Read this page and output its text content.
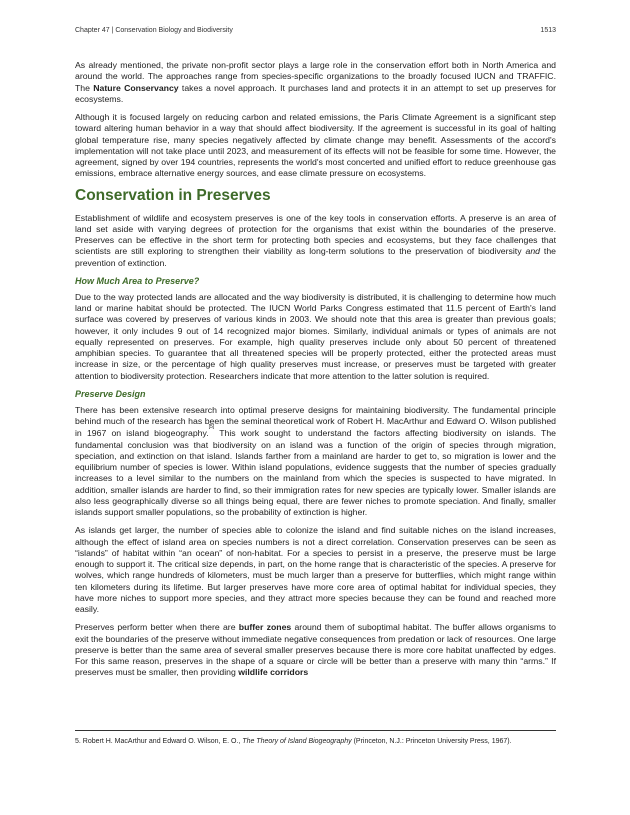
Chapter 47 | Conservation Biology and Biodiversity	1513

As already mentioned, the private non-profit sector plays a large role in the conservation effort both in North America and around the world. The approaches range from species-specific organizations to the broadly focused IUCN and TRAFFIC. The Nature Conservancy takes a novel approach. It purchases land and protects it in an attempt to set up preserves for ecosystems.

Although it is focused largely on reducing carbon and related emissions, the Paris Climate Agreement is a significant step toward altering human behavior in a way that should affect biodiversity. If the agreement is successful in its goal of halting global temperature rise, many species negatively affected by climate change may benefit. Assessments of the accord's implementation will not take place until 2023, and measurement of its effects will not be feasible for some time. However, the agreement, signed by over 194 countries, represents the world's most concerted and unified effort to reduce greenhouse gas emissions, embrace alternative energy sources, and ease climate pressure on ecosystems.

Conservation in Preserves

Establishment of wildlife and ecosystem preserves is one of the key tools in conservation efforts. A preserve is an area of land set aside with varying degrees of protection for the organisms that exist within the boundaries of the preserve. Preserves can be effective in the short term for protecting both species and ecosystems, but they face challenges that scientists are still exploring to strengthen their viability as long-term solutions to the preservation of biodiversity and the prevention of extinction.

How Much Area to Preserve?

Due to the way protected lands are allocated and the way biodiversity is distributed, it is challenging to determine how much land or marine habitat should be protected. The IUCN World Parks Congress estimated that 11.5 percent of Earth's land surface was covered by preserves of various kinds in 2003. We should note that this area is greater than previous goals; however, it only includes 9 out of 14 recognized major biomes. Similarly, individual animals or types of animals are not equally represented on preserves. For example, high quality preserves include only about 50 percent of threatened amphibian species. To guarantee that all threatened species will be properly protected, either the protected areas must increase in size, or the percentage of high quality preserves must increase, or preserves must be targeted with greater attention to biodiversity protection. Researchers indicate that more attention to the latter solution is required.

Preserve Design

There has been extensive research into optimal preserve designs for maintaining biodiversity. The fundamental principle behind much of the research has been the seminal theoretical work of Robert H. MacArthur and Edward O. Wilson published in 1967 on island biogeography.[5] This work sought to understand the factors affecting biodiversity on islands. The fundamental conclusion was that biodiversity on an island was a function of the origin of species through migration, speciation, and extinction on that island. Islands farther from a mainland are harder to get to, so migration is lower and the equilibrium number of species is lower. Within island populations, evidence suggests that the number of species gradually increases to a level similar to the numbers on the mainland from which the species is suspected to have migrated. In addition, smaller islands are harder to find, so their immigration rates for new species are typically lower. Smaller islands are also less geographically diverse so all things being equal, there are fewer niches to promote speciation. And finally, smaller islands support smaller populations, so the probability of extinction is higher.

As islands get larger, the number of species able to colonize the island and find suitable niches on the island increases, although the effect of island area on species numbers is not a direct correlation. Conservation preserves can be seen as “islands” of habitat within “an ocean” of non-habitat. For a species to persist in a preserve, the preserve must be large enough to support it. The critical size depends, in part, on the home range that is characteristic of the species. A preserve for wolves, which range hundreds of kilometers, must be much larger than a preserve for butterflies, which might range within ten kilometers during its lifetime. But larger preserves have more core area of optimal habitat for individual species, they have more niches to support more species, and they attract more species because they can be found and reached more easily.

Preserves perform better when there are buffer zones around them of suboptimal habitat. The buffer allows organisms to exit the boundaries of the preserve without immediate negative consequences from predation or lack of resources. One large preserve is better than the same area of several smaller preserves because there is more core habitat unaffected by edges. For this same reason, preserves in the shape of a square or circle will be better than a preserve with many thin “arms.” If preserves must be smaller, then providing wildlife corridors

5. Robert H. MacArthur and Edward O. Wilson, E. O., The Theory of Island Biogeography (Princeton, N.J.: Princeton University Press, 1967).
